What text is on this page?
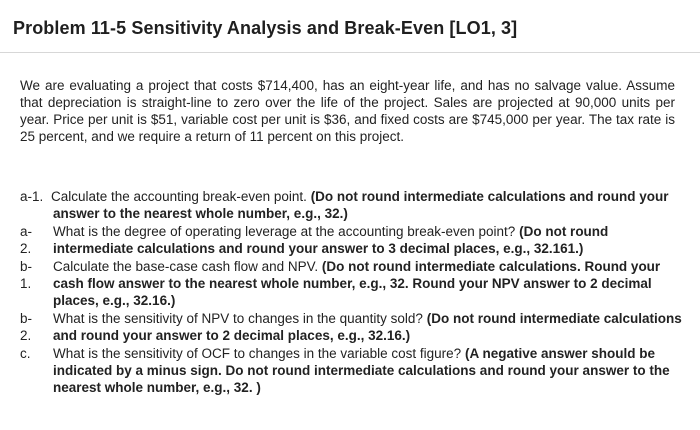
Problem 11-5 Sensitivity Analysis and Break-Even [LO1, 3]
We are evaluating a project that costs $714,400, has an eight-year life, and has no salvage value. Assume that depreciation is straight-line to zero over the life of the project. Sales are projected at 90,000 units per year. Price per unit is $51, variable cost per unit is $36, and fixed costs are $745,000 per year. The tax rate is 25 percent, and we require a return of 11 percent on this project.
a-1. Calculate the accounting break-even point. (Do not round intermediate calculations and round your answer to the nearest whole number, e.g., 32.)
a-
2.
What is the degree of operating leverage at the accounting break-even point? (Do not round intermediate calculations and round your answer to 3 decimal places, e.g., 32.161.)
b-
1.
Calculate the base-case cash flow and NPV. (Do not round intermediate calculations. Round your cash flow answer to the nearest whole number, e.g., 32. Round your NPV answer to 2 decimal places, e.g., 32.16.)
b-
2.
What is the sensitivity of NPV to changes in the quantity sold? (Do not round intermediate calculations and round your answer to 2 decimal places, e.g., 32.16.)
c. What is the sensitivity of OCF to changes in the variable cost figure? (A negative answer should be indicated by a minus sign. Do not round intermediate calculations and round your answer to the nearest whole number, e.g., 32. )
